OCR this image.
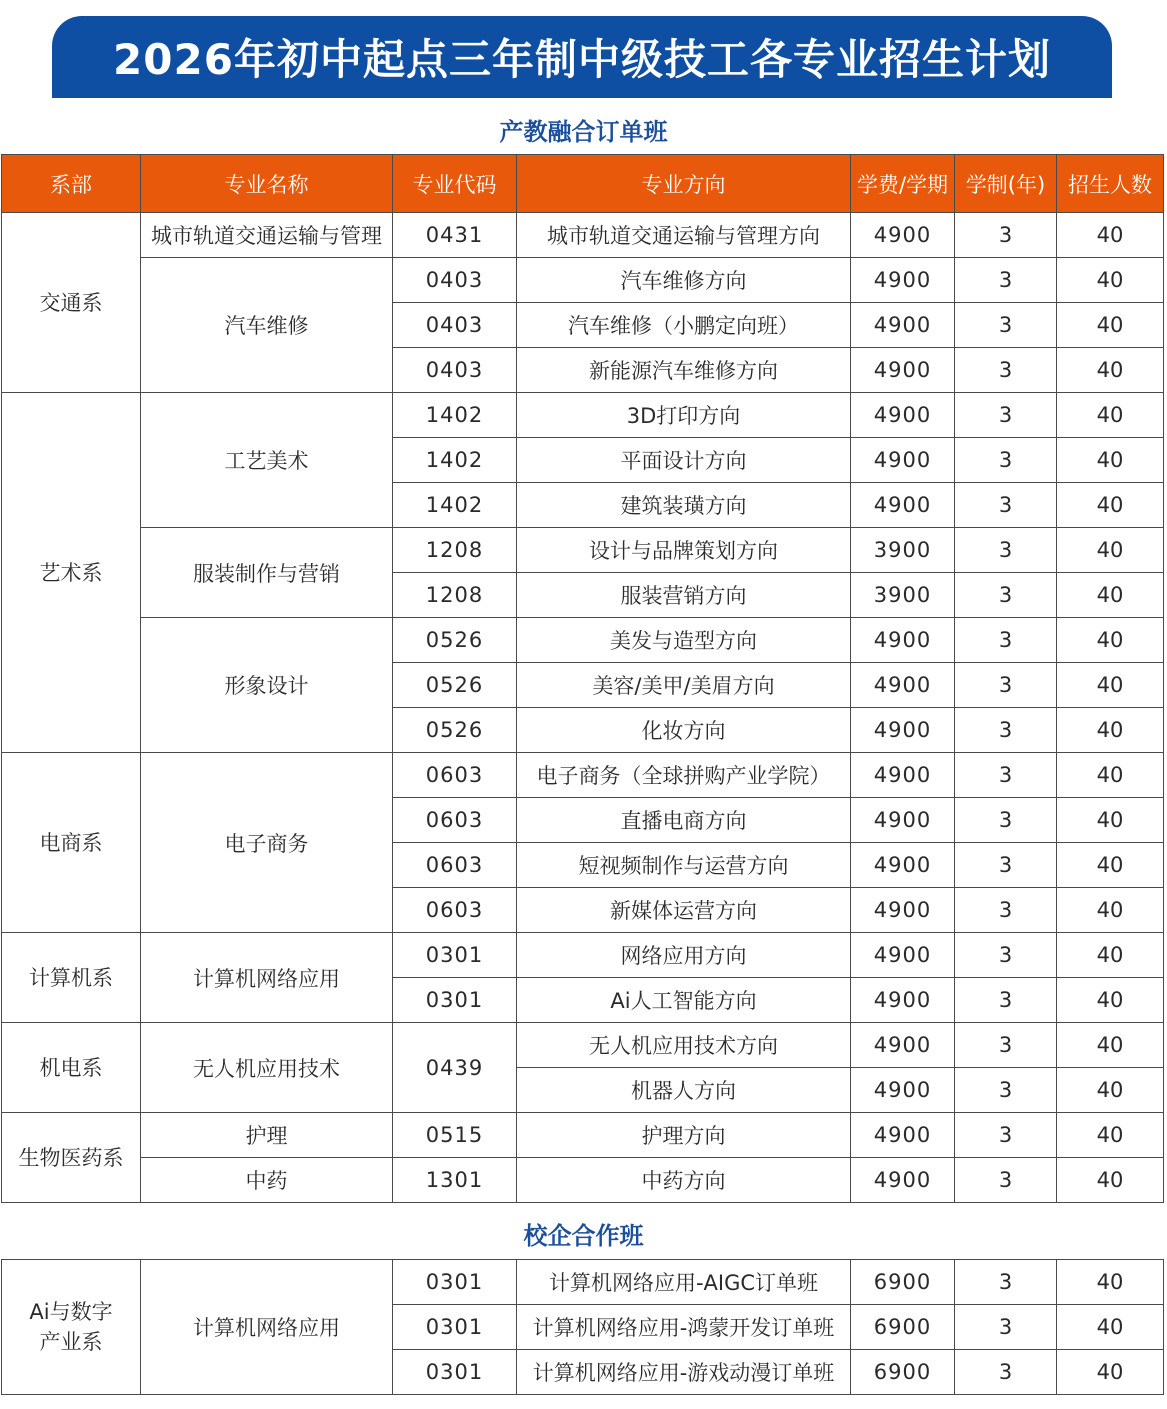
2026年初中起点三年制中级技工各专业招生计划
产教融合订单班
系部	专业名称	专业代码	专业方向	学费/学期	学制(年)	招生人数
交通系	城市轨道交通运输与管理	0431	城市轨道交通运输与管理方向	4900	3	40
	汽车维修	0403	汽车维修方向	4900	3	40
		0403	汽车维修（小鹏定向班）	4900	3	40
		0403	新能源汽车维修方向	4900	3	40
艺术系	工艺美术	1402	3D打印方向	4900	3	40
		1402	平面设计方向	4900	3	40
		1402	建筑装璜方向	4900	3	40
	服装制作与营销	1208	设计与品牌策划方向	3900	3	40
		1208	服装营销方向	3900	3	40
	形象设计	0526	美发与造型方向	4900	3	40
		0526	美容/美甲/美眉方向	4900	3	40
		0526	化妆方向	4900	3	40
电商系	电子商务	0603	电子商务（全球拼购产业学院）	4900	3	40
		0603	直播电商方向	4900	3	40
		0603	短视频制作与运营方向	4900	3	40
		0603	新媒体运营方向	4900	3	40
计算机系	计算机网络应用	0301	网络应用方向	4900	3	40
		0301	Ai人工智能方向	4900	3	40
机电系	无人机应用技术	0439	无人机应用技术方向	4900	3	40
			机器人方向	4900	3	40
生物医药系	护理	0515	护理方向	4900	3	40
	中药	1301	中药方向	4900	3	40
校企合作班
Ai与数字
产业系	计算机网络应用	0301	计算机网络应用-AIGC订单班	6900	3	40
		0301	计算机网络应用-鸿蒙开发订单班	6900	3	40
		0301	计算机网络应用-游戏动漫订单班	6900	3	40
